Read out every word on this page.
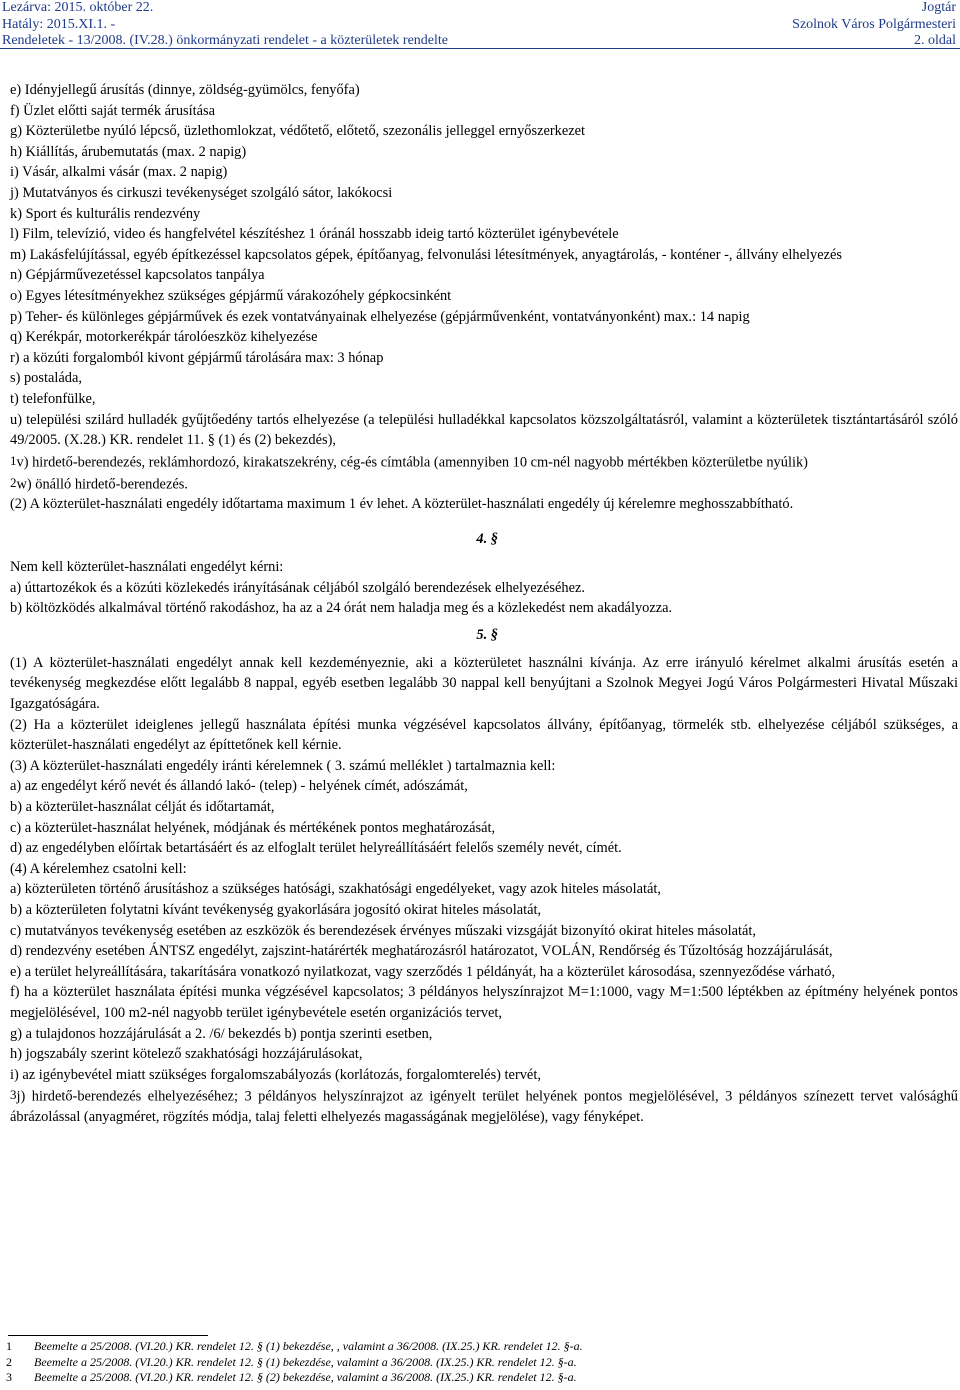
Lezárva: 2015. október 22.
Hatály: 2015.XI.1. -
Rendeletek - 13/2008. (IV.28.) önkormányzati rendelet - a közterületek rendelte
Jogtár
Szolnok Város Polgármesteri
2. oldal

e) Idényjellegű árusítás (dinnye, zöldség-gyümölcs, fenyőfa)

f) Üzlet előtti saját termék árusítása

g) Közterületbe nyúló lépcső, üzlethomlokzat, védőtető, előtető, szezonális jelleggel ernyőszerkezet

h) Kiállítás, árubemutatás (max. 2 napig)

i) Vásár, alkalmi vásár (max. 2 napig)

j) Mutatványos és cirkuszi tevékenységet szolgáló sátor, lakókocsi

k) Sport és kulturális rendezvény

l) Film, televízió, video és hangfelvétel készítéshez 1 óránál hosszabb ideig tartó közterület igénybevétele

m) Lakásfelújítással, egyéb építkezéssel kapcsolatos gépek, építőanyag, felvonulási létesítmények, anyagtárolás, - konténer -, állvány elhelyezés

n) Gépjárművezetéssel kapcsolatos tanpálya

o) Egyes létesítményekhez szükséges gépjármű várakozóhely gépkocsinként

p) Teher- és különleges gépjárművek és ezek vontatványainak elhelyezése (gépjárművenként, vontatványonként) max.: 14 napig

q) Kerékpár, motorkerékpár tárolóeszköz kihelyezése

r) a közúti forgalomból kivont gépjármű tárolására max: 3 hónap

s) postaláda,

t) telefonfülke,

u) települési szilárd hulladék gyűjtőedény tartós elhelyezése (a települési hulladékkal kapcsolatos közszolgáltatásról, valamint a közterületek tisztántartásáról szóló 49/2005. (X.28.) KR. rendelet 11. § (1) és (2) bekezdés),

1v) hirdető-berendezés, reklámhordozó, kirakatszekrény, cég-és címtábla (amennyiben 10 cm-nél nagyobb mértékben közterületbe nyúlik)

2w) önálló hirdető-berendezés.

(2) A közterület-használati engedély időtartama maximum 1 év lehet. A közterület-használati engedély új kérelemre meghosszabbítható.

4. §

Nem kell közterület-használati engedélyt kérni:

a) úttartozékok és a közúti közlekedés irányításának céljából szolgáló berendezések elhelyezéséhez.

b) költözködés alkalmával történő rakodáshoz, ha az a 24 órát nem haladja meg és a közlekedést nem akadályozza.

5. §

(1) A közterület-használati engedélyt annak kell kezdeményeznie, aki a közterületet használni kívánja. Az erre irányuló kérelmet alkalmi árusítás esetén a tevékenység megkezdése előtt legalább 8 nappal, egyéb esetben legalább 30 nappal kell benyújtani a Szolnok Megyei Jogú Város Polgármesteri Hivatal Műszaki Igazgatóságára.

(2) Ha a közterület ideiglenes jellegű használata építési munka végzésével kapcsolatos állvány, építőanyag, törmelék stb. elhelyezése céljából szükséges, a közterület-használati engedélyt az építtetőnek kell kérnie.

(3) A közterület-használati engedély iránti kérelemnek ( 3. számú melléklet ) tartalmaznia kell:

a) az engedélyt kérő nevét és állandó lakó- (telep) - helyének címét, adószámát,

b) a közterület-használat célját és időtartamát,

c) a közterület-használat helyének, módjának és mértékének pontos meghatározását,

d) az engedélyben előírtak betartásáért és az elfoglalt terület helyreállításáért felelős személy nevét, címét.

(4) A kérelemhez csatolni kell:

a) közterületen történő árusításhoz a szükséges hatósági, szakhatósági engedélyeket, vagy azok hiteles másolatát,

b) a közterületen folytatni kívánt tevékenység gyakorlására jogosító okirat hiteles másolatát,

c) mutatványos tevékenység esetében az eszközök és berendezések érvényes műszaki vizsgáját bizonyító okirat hiteles másolatát,

d) rendezvény esetében ÁNTSZ engedélyt, zajszint-határérték meghatározásról határozatot, VOLÁN, Rendőrség és Tűzoltóság hozzájárulását,

e) a terület helyreállítására, takarítására vonatkozó nyilatkozat, vagy szerződés 1 példányát, ha a közterület károsodása, szennyeződése várható,

f) ha a közterület használata építési munka végzésével kapcsolatos; 3 példányos helyszínrajzot M=1:1000, vagy M=1:500 léptékben az építmény helyének pontos megjelölésével, 100 m2-nél nagyobb terület igénybevétele esetén organizációs tervet,

g) a tulajdonos hozzájárulását a 2. /6/ bekezdés b) pontja szerinti esetben,

h) jogszabály szerint kötelező szakhatósági hozzájárulásokat,

i) az igénybevétel miatt szükséges forgalomszabályozás (korlátozás, forgalomterelés) tervét,

3j) hirdető-berendezés elhelyezéséhez; 3 példányos helyszínrajzot az igényelt terület helyének pontos megjelölésével, 3 példányos színezett tervet valósághű ábrázolással (anyagméret, rögzítés módja, talaj feletti elhelyezés magasságának megjelölése), vagy fényképet.

1	Beemelte a 25/2008. (VI.20.) KR. rendelet 12. § (1) bekezdése, , valamint a 36/2008. (IX.25.) KR. rendelet 12. §-a.
2	Beemelte a 25/2008. (VI.20.) KR. rendelet 12. § (1) bekezdése, valamint a 36/2008. (IX.25.) KR. rendelet 12. §-a.
3	Beemelte a 25/2008. (VI.20.) KR. rendelet 12. § (2) bekezdése, valamint a 36/2008. (IX.25.) KR. rendelet 12. §-a.
